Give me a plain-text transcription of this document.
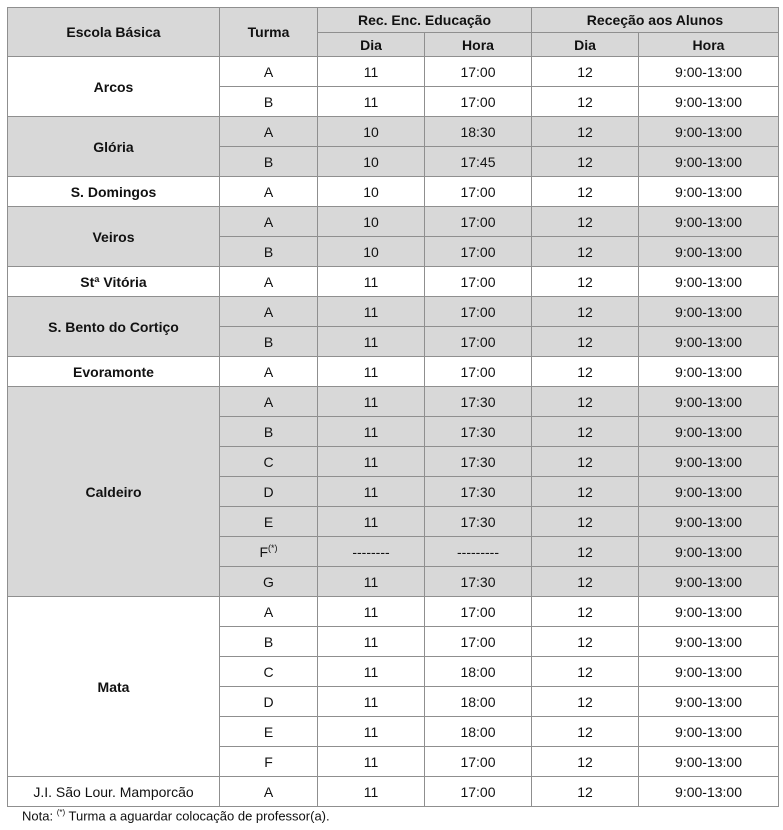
Escola Básica	Turma	Rec. Enc. Educação		Receção aos Alunos	
		Dia	Hora	Dia	Hora
Arcos	A	11	17:00	12	9:00-13:00
	B	11	17:00	12	9:00-13:00
Glória	A	10	18:30	12	9:00-13:00
	B	10	17:45	12	9:00-13:00
S. Domingos	A	10	17:00	12	9:00-13:00
Veiros	A	10	17:00	12	9:00-13:00
	B	10	17:00	12	9:00-13:00
Stª Vitória	A	11	17:00	12	9:00-13:00
S. Bento do Cortiço	A	11	17:00	12	9:00-13:00
	B	11	17:00	12	9:00-13:00
Evoramonte	A	11	17:00	12	9:00-13:00
Caldeiro	A	11	17:30	12	9:00-13:00
	B	11	17:30	12	9:00-13:00
	C	11	17:30	12	9:00-13:00
	D	11	17:30	12	9:00-13:00
	E	11	17:30	12	9:00-13:00
	F(*)	--------	---------	12	9:00-13:00
	G	11	17:30	12	9:00-13:00
Mata	A	11	17:00	12	9:00-13:00
	B	11	17:00	12	9:00-13:00
	C	11	18:00	12	9:00-13:00
	D	11	18:00	12	9:00-13:00
	E	11	18:00	12	9:00-13:00
	F	11	17:00	12	9:00-13:00
J.I. São Lour. Mamporcão	A	11	17:00	12	9:00-13:00
Nota: (*) Turma a aguardar colocação de professor(a).
